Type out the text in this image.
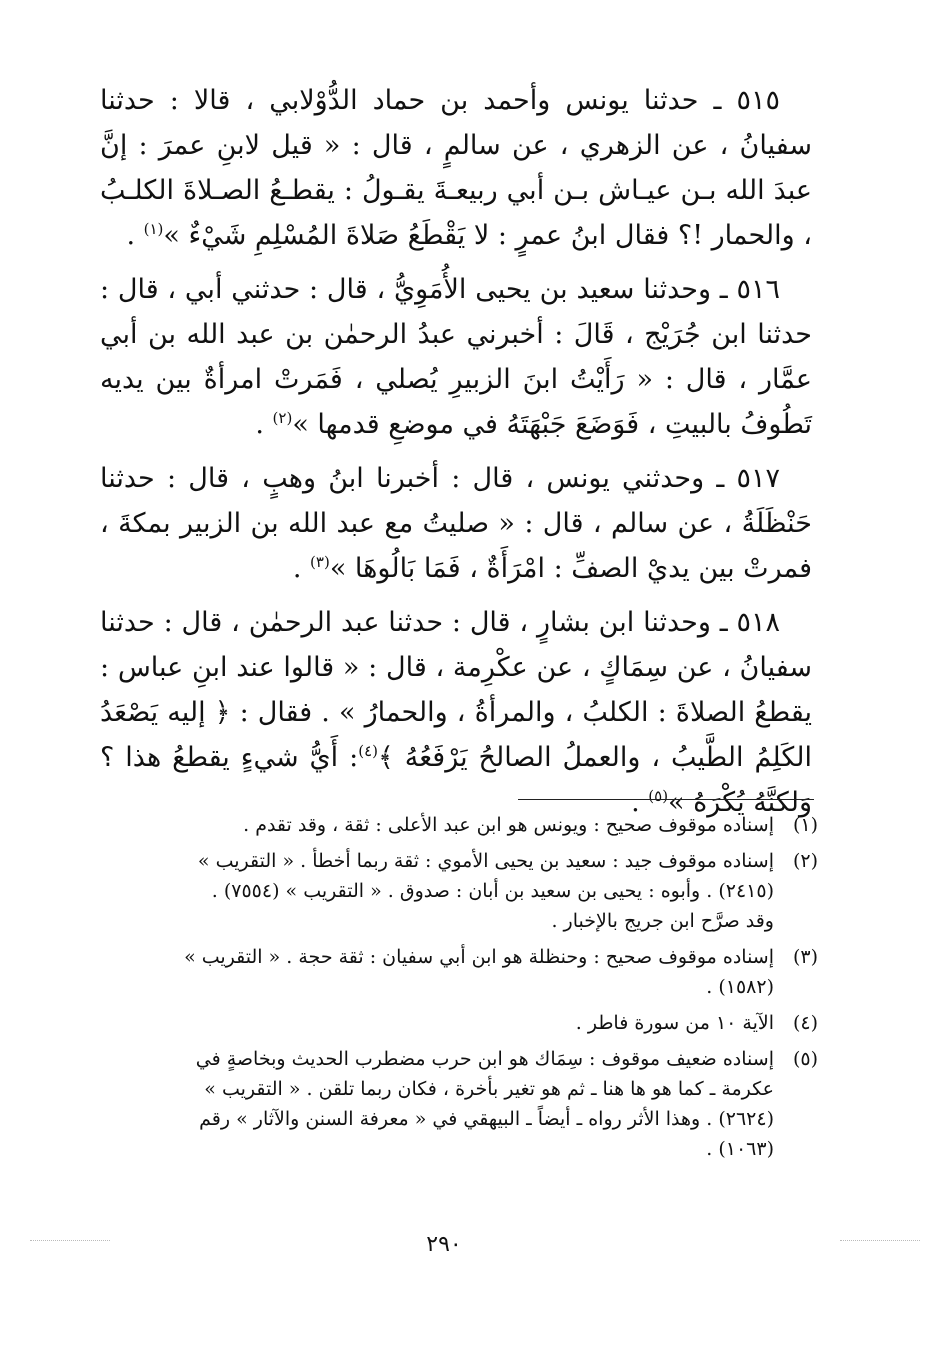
٥١٥ ـ حدثنا يونس وأحمد بن حماد الدُّوْلابي ، قالا : حدثنا سفيانُ ، عن الزهري ، عن سالمٍ ، قال : « قيل لابنِ عمرَ : إنَّ عبدَ الله بـن عيـاش بـن أبي ربيعـةَ يقـولُ : يقطـعُ الصـلاةَ الكلـبُ ، والحمار !؟ فقال ابنُ عمرٍ : لا يَقْطَعُ صَلاةَ المُسْلِمِ شَيْءٌ »$^{(١)}$ .

٥١٦ ـ وحدثنا سعيد بن يحيى الأُمَوِيُّ ، قال : حدثني أبي ، قال : حدثنا ابن جُرَيْج ، قَالَ : أخبرني عبدُ الرحمٰن بن عبد الله بن أبي عمَّار ، قال : « رَأَيْتُ ابنَ الزبيرِ يُصلي ، فَمَرتْ امرأةٌ بين يديه تَطُوفُ بالبيتِ ، فَوَضَعَ جَبْهَتَهُ في موضعِ قدمها »$^{(٢)}$ .

٥١٧ ـ وحدثني يونس ، قال : أخبرنا ابنُ وهبٍ ، قال : حدثنا حَنْظَلَةُ ، عن سالم ، قال : « صليتُ مع عبد الله بن الزبير بمكةَ ، فمرتْ بين يديْ الصفِّ : امْرَأَةٌ ، فَمَا بَالُوهَا »$^{(٣)}$ .

٥١٨ ـ وحدثنا ابن بشارٍ ، قال : حدثنا عبد الرحمٰن ، قال : حدثنا سفيانُ ، عن سِمَاكٍ ، عن عكْرِمة ، قال : « قالوا عند ابنِ عباس : يقطعُ الصلاةَ : الكلبُ ، والمرأةُ ، والحمارُ » . فقال : ﴿ إليه يَصْعَدُ الكَلِمُ الطَّيبُ ، والعملُ الصالحُ يَرْفَعُهُ ﴾$^{(٤)}$: أَيُّ شيءٍ يقطعُ هذا ؟ وَلكنَّهُ يُكْرَهُ »$^{(٥)}$ .

(١)
إسناده موقوف صحيح : ويونس هو ابن عبد الأعلى : ثقة ، وقد تقدم .
(٢)
إسناده موقوف جيد : سعيد بن يحيى الأموي : ثقة ربما أخطأ . « التقريب »
(٢٤١٥) . وأبوه : يحيى بن سعيد بن أبان : صدوق . « التقريب » (٧٥٥٤) .
وقد صرَّح ابن جريج بالإخبار .
(٣)
إسناده موقوف صحيح : وحنظلة هو ابن أبي سفيان : ثقة حجة . « التقريب »
(١٥٨٢) .
(٤)
الآية ١٠ من سورة فاطر .
(٥)
إسناده ضعيف موقوف : سِمَاك هو ابن حرب مضطرب الحديث وبخاصةٍ في
عكرمة ـ كما هو ها هنا ـ ثم هو تغير بأخرة ، فكان ربما تلقن . « التقريب »
(٢٦٢٤) . وهذا الأثر رواه ـ أيضاً ـ البيهقي في « معرفة السنن والآثار » رقم
(١٠٦٣) .
٢٩٠
